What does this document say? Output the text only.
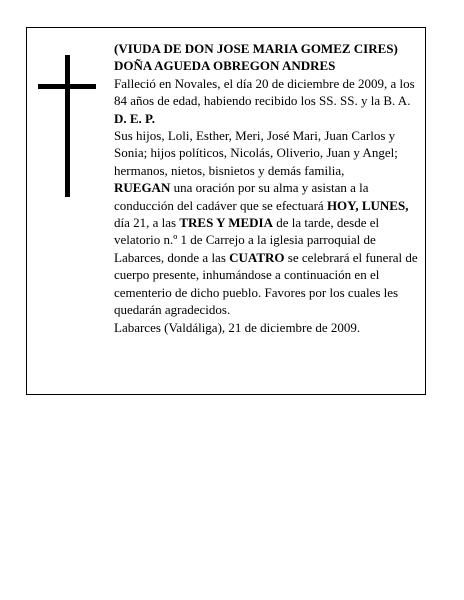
(VIUDA DE DON JOSE MARIA GOMEZ CIRES)

DOÑA AGUEDA OBREGON ANDRES

Falleció en Novales, el día 20 de diciembre de 2009, a los 84 años de edad, habiendo recibido los SS. SS. y la B. A.

D. E. P.

Sus hijos, Loli, Esther, Meri, José Mari, Juan Carlos y Sonia; hijos políticos, Nicolás, Oliverio, Juan y Angel; hermanos, nietos, bisnietos y demás familia,

RUEGAN una oración por su alma y asistan a la conducción del cadáver que se efectuará HOY, LUNES, día 21, a las TRES Y MEDIA de la tarde, desde el velatorio n.º 1 de Carrejo a la iglesia parroquial de Labarces, donde a las CUATRO se celebrará el funeral de cuerpo presente, inhumándose a continuación en el cementerio de dicho pueblo. Favores por los cuales les quedarán agradecidos.

Labarces (Valdáliga), 21 de diciembre de 2009.
